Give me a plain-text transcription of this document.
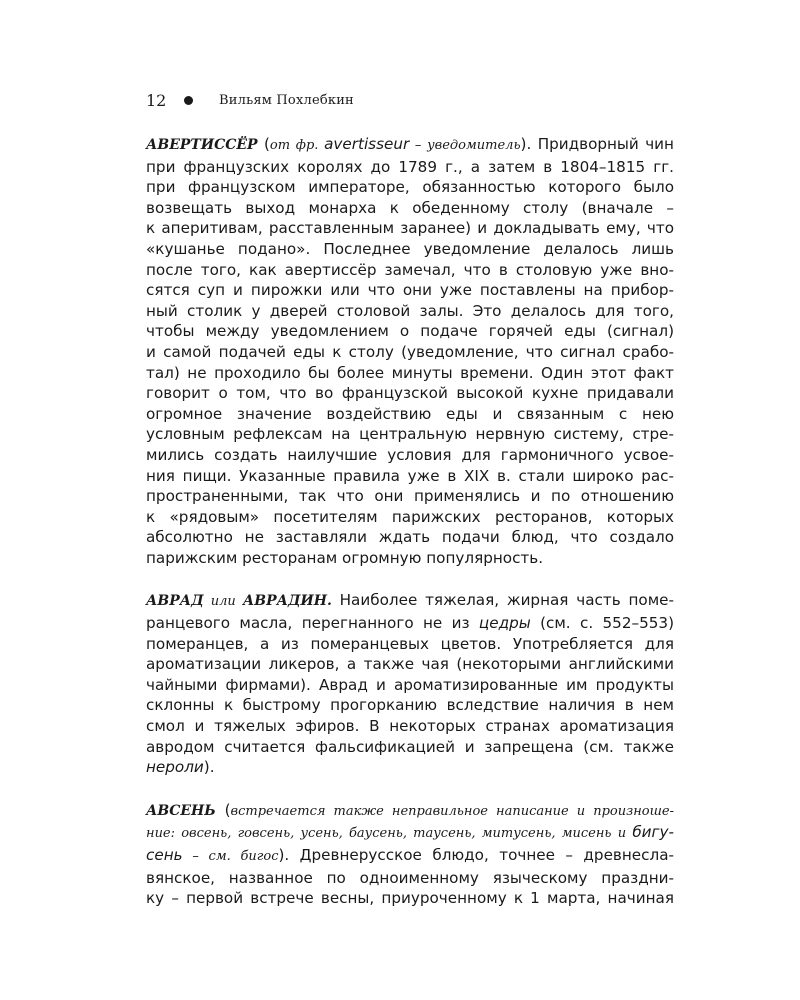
12	Вильям Похлебкин
АВЕРТИССЁР (от фр. avertisseur – уведомитель). Придворный чин
при французских королях до 1789 г., а затем в 1804–1815 гг.
при французском императоре, обязанностью которого было
возвещать выход монарха к обеденному столу (вначале –
к аперитивам, расставленным заранее) и докладывать ему, что
«кушанье подано». Последнее уведомление делалось лишь
после того, как авертиссёр замечал, что в столовую уже вно-
сятся суп и пирожки или что они уже поставлены на прибор-
ный столик у дверей столовой залы. Это делалось для того,
чтобы между уведомлением о подаче горячей еды (сигнал)
и самой подачей еды к столу (уведомление, что сигнал срабо-
тал) не проходило бы более минуты времени. Один этот факт
говорит о том, что во французской высокой кухне придавали
огромное значение воздействию еды и связанным с нею
условным рефлексам на центральную нервную систему, стре-
мились создать наилучшие условия для гармоничного усвое-
ния пищи. Указанные правила уже в XIX в. стали широко рас-
пространенными, так что они применялись и по отношению
к «рядовым» посетителям парижских ресторанов, которых
абсолютно не заставляли ждать подачи блюд, что создало
парижским ресторанам огромную популярность.
АВРАД или АВРАДИН. Наиболее тяжелая, жирная часть поме-
ранцевого масла, перегнанного не из цедры (см. с. 552–553)
померанцев, а из померанцевых цветов. Употребляется для
ароматизации ликеров, а также чая (некоторыми английскими
чайными фирмами). Аврад и ароматизированные им продукты
склонны к быстрому прогорканию вследствие наличия в нем
смол и тяжелых эфиров. В некоторых странах ароматизация
авродом считается фальсификацией и запрещена (см. также
нероли).
АВСЕНЬ (встречается также неправильное написание и произноше-
ние: овсень, говсень, усень, баусень, таусень, митусень, мисень и бигу-
сень – см. бигос). Древнерусское блюдо, точнее – древнесла-
вянское, названное по одноименному языческому праздни-
ку – первой встрече весны, приуроченному к 1 марта, начиная
